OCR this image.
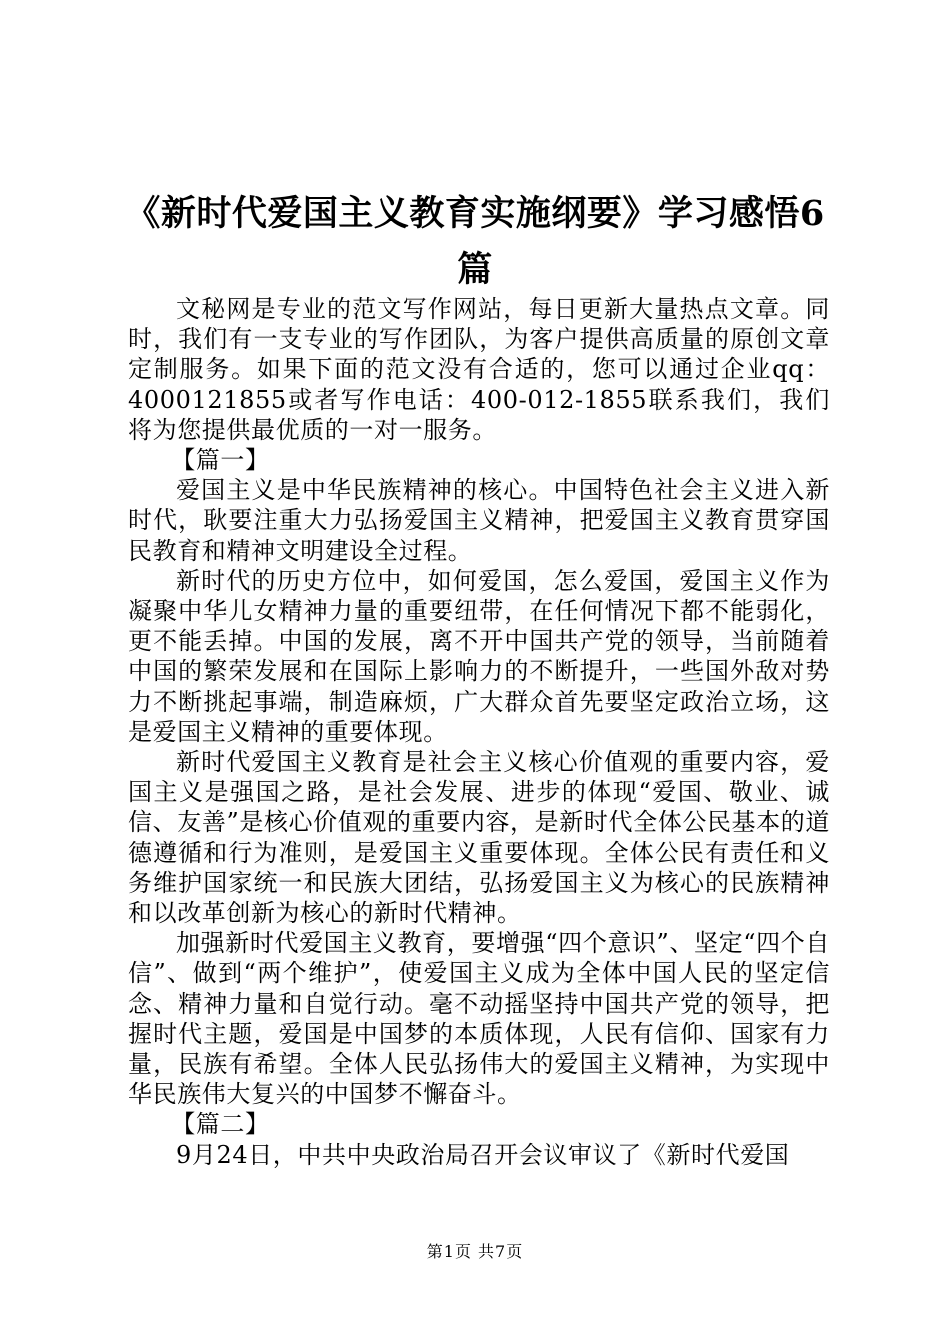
《新时代爱国主义教育实施纲要》学习感悟6篇

文秘网是专业的范文写作网站，每日更新大量热点文章。同时，我们有一支专业的写作团队，为客户提供高质量的原创文章定制服务。如果下面的范文没有合适的，您可以通过企业qq：4000121855或者写作电话：400-012-1855联系我们，我们将为您提供最优质的一对一服务。

【篇一】

爱国主义是中华民族精神的核心。中国特色社会主义进入新时代，耿要注重大力弘扬爱国主义精神，把爱国主义教育贯穿国民教育和精神文明建设全过程。

新时代的历史方位中，如何爱国，怎么爱国，爱国主义作为凝聚中华儿女精神力量的重要纽带，在任何情况下都不能弱化，更不能丢掉。中国的发展，离不开中国共产党的领导，当前随着中国的繁荣发展和在国际上影响力的不断提升，一些国外敌对势力不断挑起事端，制造麻烦，广大群众首先要坚定政治立场，这是爱国主义精神的重要体现。

新时代爱国主义教育是社会主义核心价值观的重要内容，爱国主义是强国之路，是社会发展、进步的体现“爱国、敬业、诚信、友善”是核心价值观的重要内容，是新时代全体公民基本的道德遵循和行为准则，是爱国主义重要体现。全体公民有责任和义务维护国家统一和民族大团结，弘扬爱国主义为核心的民族精神和以改革创新为核心的新时代精神。

加强新时代爱国主义教育，要增强“四个意识”、坚定“四个自信”、做到“两个维护”，使爱国主义成为全体中国人民的坚定信念、精神力量和自觉行动。毫不动摇坚持中国共产党的领导，把握时代主题，爱国是中国梦的本质体现，人民有信仰、国家有力量，民族有希望。全体人民弘扬伟大的爱国主义精神，为实现中华民族伟大复兴的中国梦不懈奋斗。

【篇二】

9月24日，中共中央政治局召开会议审议了《新时代爱国

第1页 共7页
